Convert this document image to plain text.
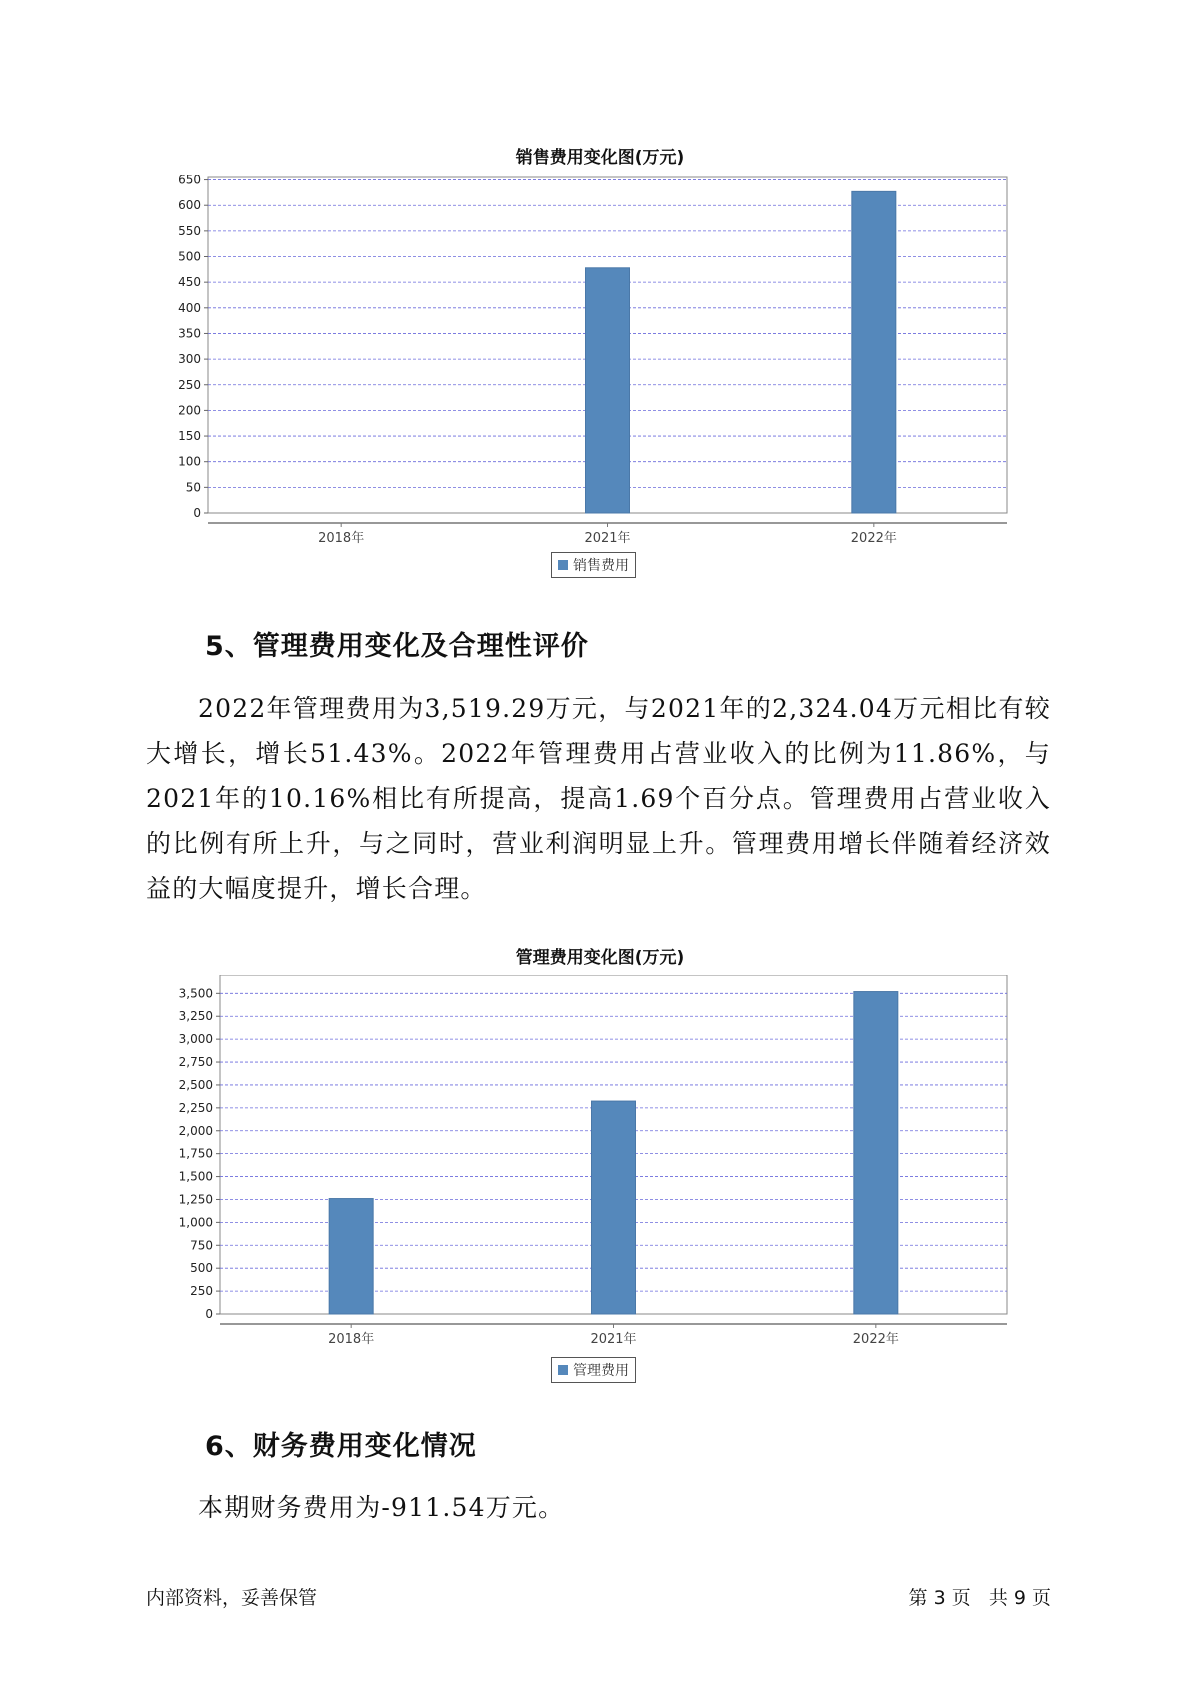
销售费用变化图(万元)
0
50
100
150
200
250
300
350
400
450
500
550
600
650
2018年	2021年	2022年
销售费用
5、管理费用变化及合理性评价
2022年管理费用为3,519.29万元，与2021年的2,324.04万元相比有较大增长，增长51.43%。2022年管理费用占营业收入的比例为11.86%，与2021年的10.16%相比有所提高，提高1.69个百分点。管理费用占营业收入的比例有所上升，与之同时，营业利润明显上升。管理费用增长伴随着经济效益的大幅度提升，增长合理。
管理费用变化图(万元)
0
250
500
750
1,000
1,250
1,500
1,750
2,000
2,250
2,500
2,750
3,000
3,250
3,500
2018年	2021年	2022年
管理费用
6、财务费用变化情况
本期财务费用为-911.54万元。
内部资料，妥善保管	第 3 页   共 9 页
